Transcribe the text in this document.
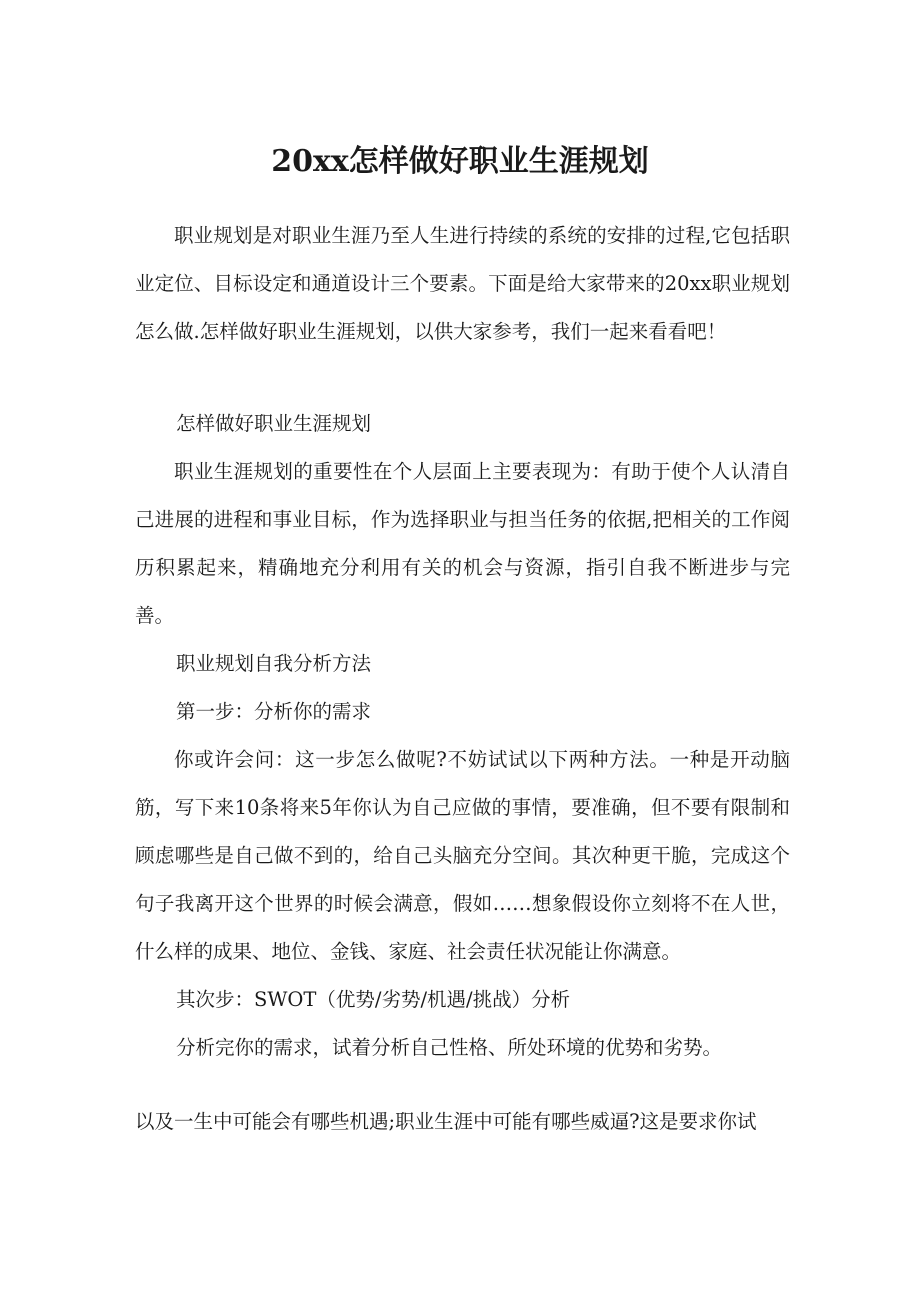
20xx怎样做好职业生涯规划

职业规划是对职业生涯乃至人生进行持续的系统的安排的过程,它包括职业定位、目标设定和通道设计三个要素。下面是给大家带来的20xx职业规划怎么做.怎样做好职业生涯规划，以供大家参考，我们一起来看看吧！

怎样做好职业生涯规划

职业生涯规划的重要性在个人层面上主要表现为：有助于使个人认清自己进展的进程和事业目标，作为选择职业与担当任务的依据,把相关的工作阅历积累起来，精确地充分利用有关的机会与资源，指引自我不断进步与完善。

职业规划自我分析方法

第一步：分析你的需求

你或许会问：这一步怎么做呢?不妨试试以下两种方法。一种是开动脑筋，写下来10条将来5年你认为自己应做的事情，要准确，但不要有限制和顾虑哪些是自己做不到的，给自己头脑充分空间。其次种更干脆，完成这个句子我离开这个世界的时候会满意，假如……想象假设你立刻将不在人世，什么样的成果、地位、金钱、家庭、社会责任状况能让你满意。

其次步：SWOT（优势/劣势/机遇/挑战）分析

分析完你的需求，试着分析自己性格、所处环境的优势和劣势。

以及一生中可能会有哪些机遇;职业生涯中可能有哪些威逼?这是要求你试
